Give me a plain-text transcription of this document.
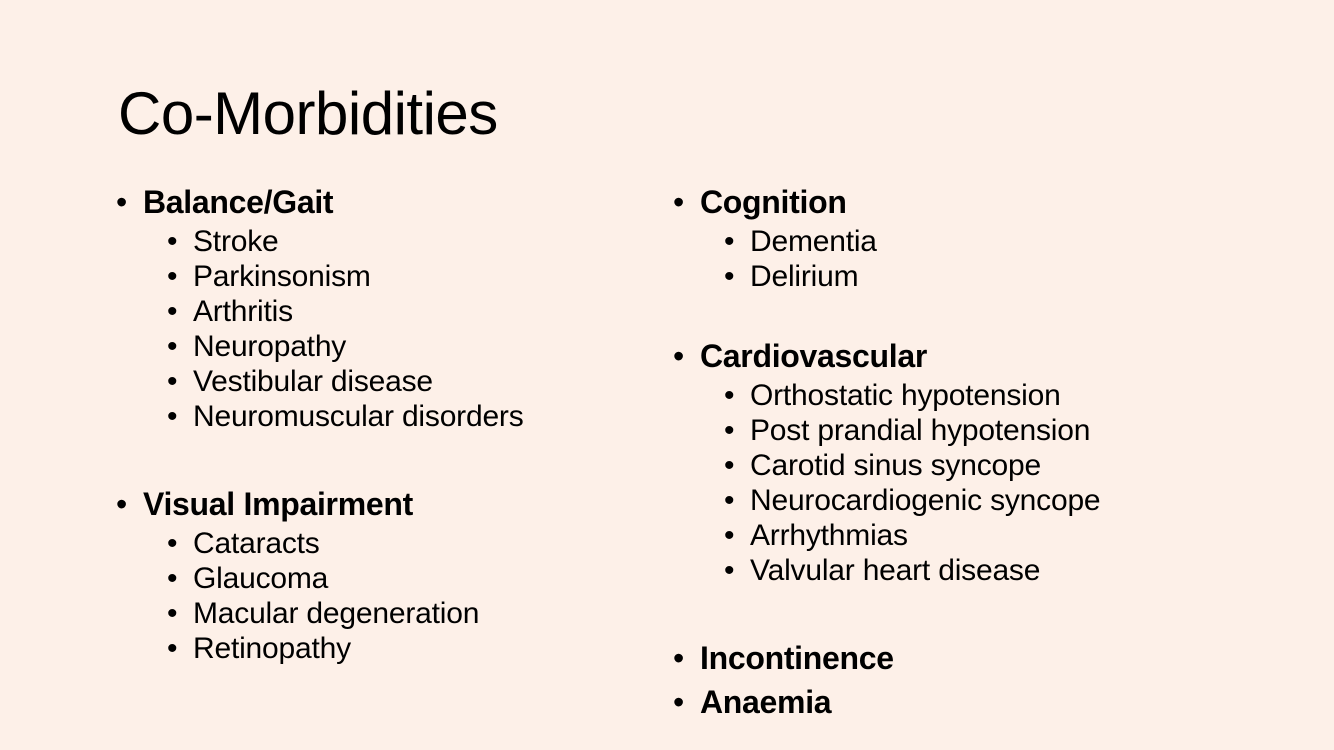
Co-Morbidities
• Balance/Gait
• Stroke
• Parkinsonism
• Arthritis
• Neuropathy
• Vestibular disease
• Neuromuscular disorders
• Visual Impairment
• Cataracts
• Glaucoma
• Macular degeneration
• Retinopathy
• Cognition
• Dementia
• Delirium
• Cardiovascular
• Orthostatic hypotension
• Post prandial hypotension
• Carotid sinus syncope
• Neurocardiogenic syncope
• Arrhythmias
• Valvular heart disease
• Incontinence
• Anaemia
